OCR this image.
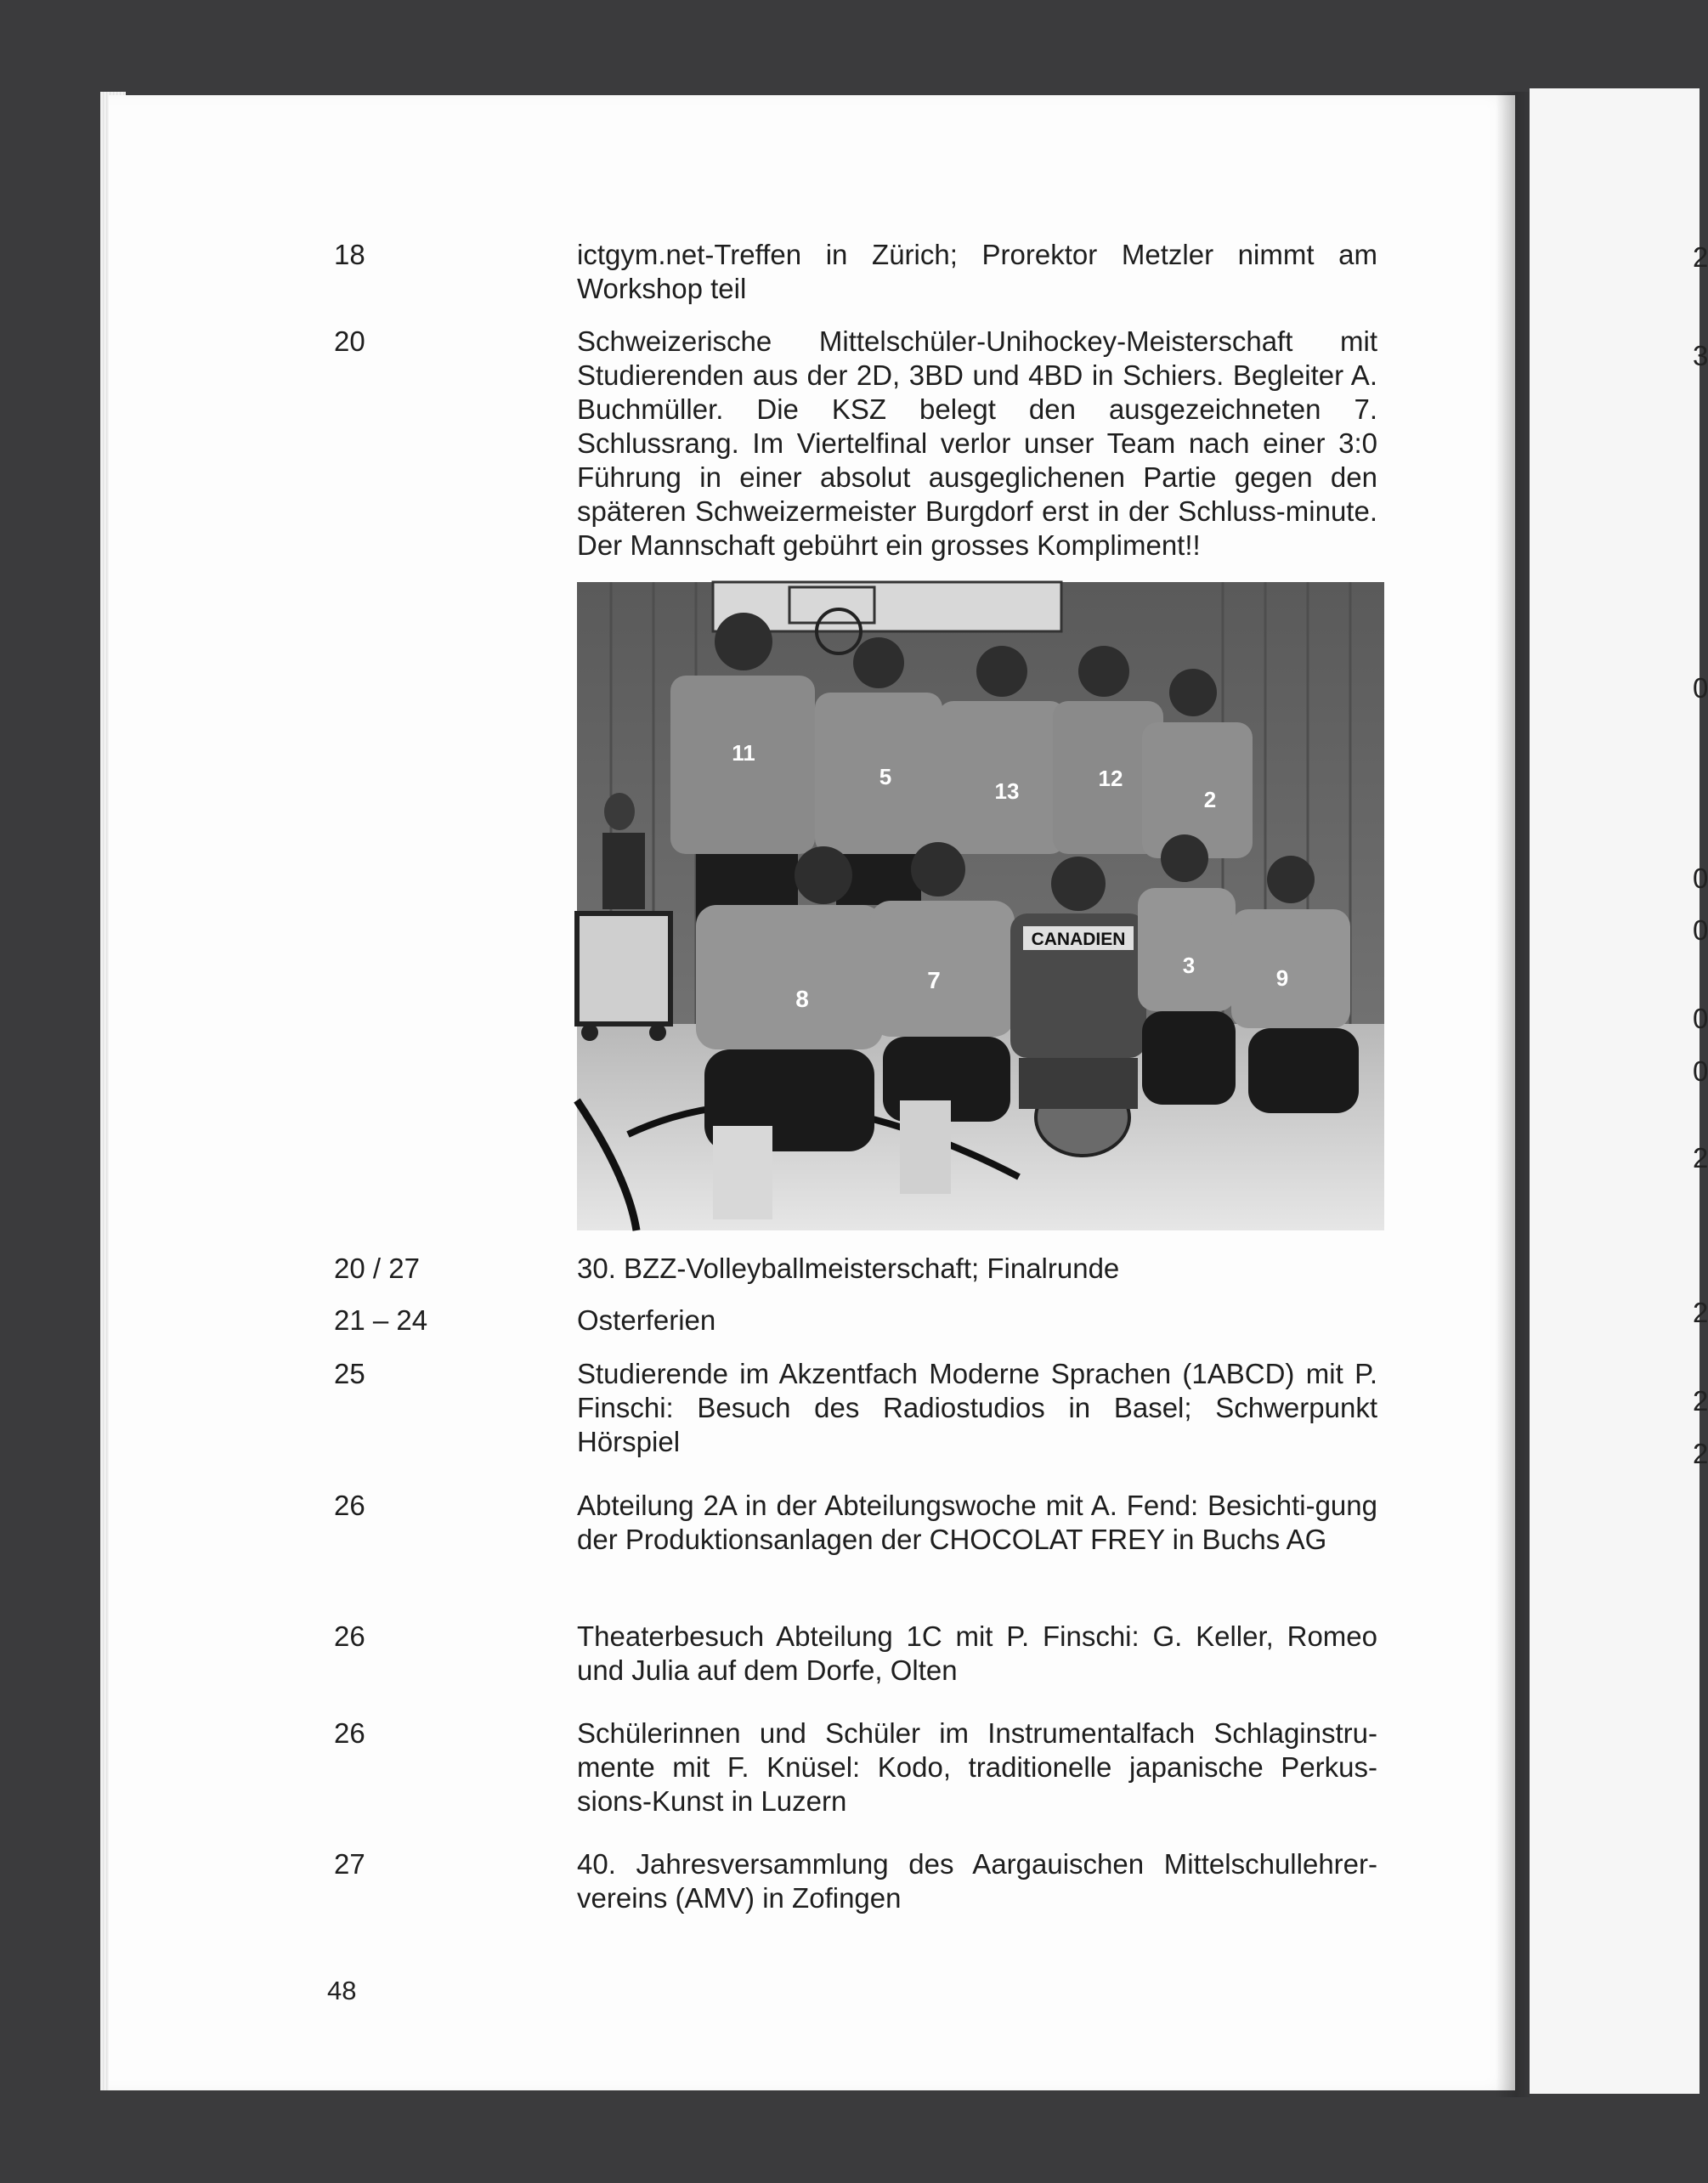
2
3
0
0
0
0
0
2
2
2
2
18	ictgym.net-Treffen in Zürich; Prorektor Metzler nimmt am Workshop teil
20	Schweizerische Mittelschüler-Unihockey-Meisterschaft mit Studierenden aus der 2D, 3BD und 4BD in Schiers. Begleiter A. Buchmüller. Die KSZ belegt den ausgezeichneten 7. Schlussrang. Im Viertelfinal verlor unser Team nach einer 3:0 Führung in einer absolut ausgeglichenen Partie gegen den späteren Schweizermeister Burgdorf erst in der Schluss-minute. Der Mannschaft gebührt ein grosses Kompliment!!
11
5
13	12
2
8
7
CANADIEN
3	9
20 / 27	30. BZZ-Volleyballmeisterschaft; Finalrunde
21 – 24	Osterferien
25	Studierende im Akzentfach Moderne Sprachen (1ABCD) mit P. Finschi: Besuch des Radiostudios in Basel; Schwerpunkt Hörspiel
26	Abteilung 2A in der Abteilungswoche mit A. Fend: Besichti-gung der Produktionsanlagen der CHOCOLAT FREY in Buchs AG
26	Theaterbesuch Abteilung 1C mit P. Finschi: G. Keller, Romeo und Julia auf dem Dorfe, Olten
26	Schülerinnen und Schüler im Instrumentalfach Schlaginstru-mente mit F. Knüsel: Kodo, traditionelle japanische Perkus-sions-Kunst in Luzern
27	40. Jahresversammlung des Aargauischen Mittelschullehrer-vereins (AMV) in Zofingen
48
